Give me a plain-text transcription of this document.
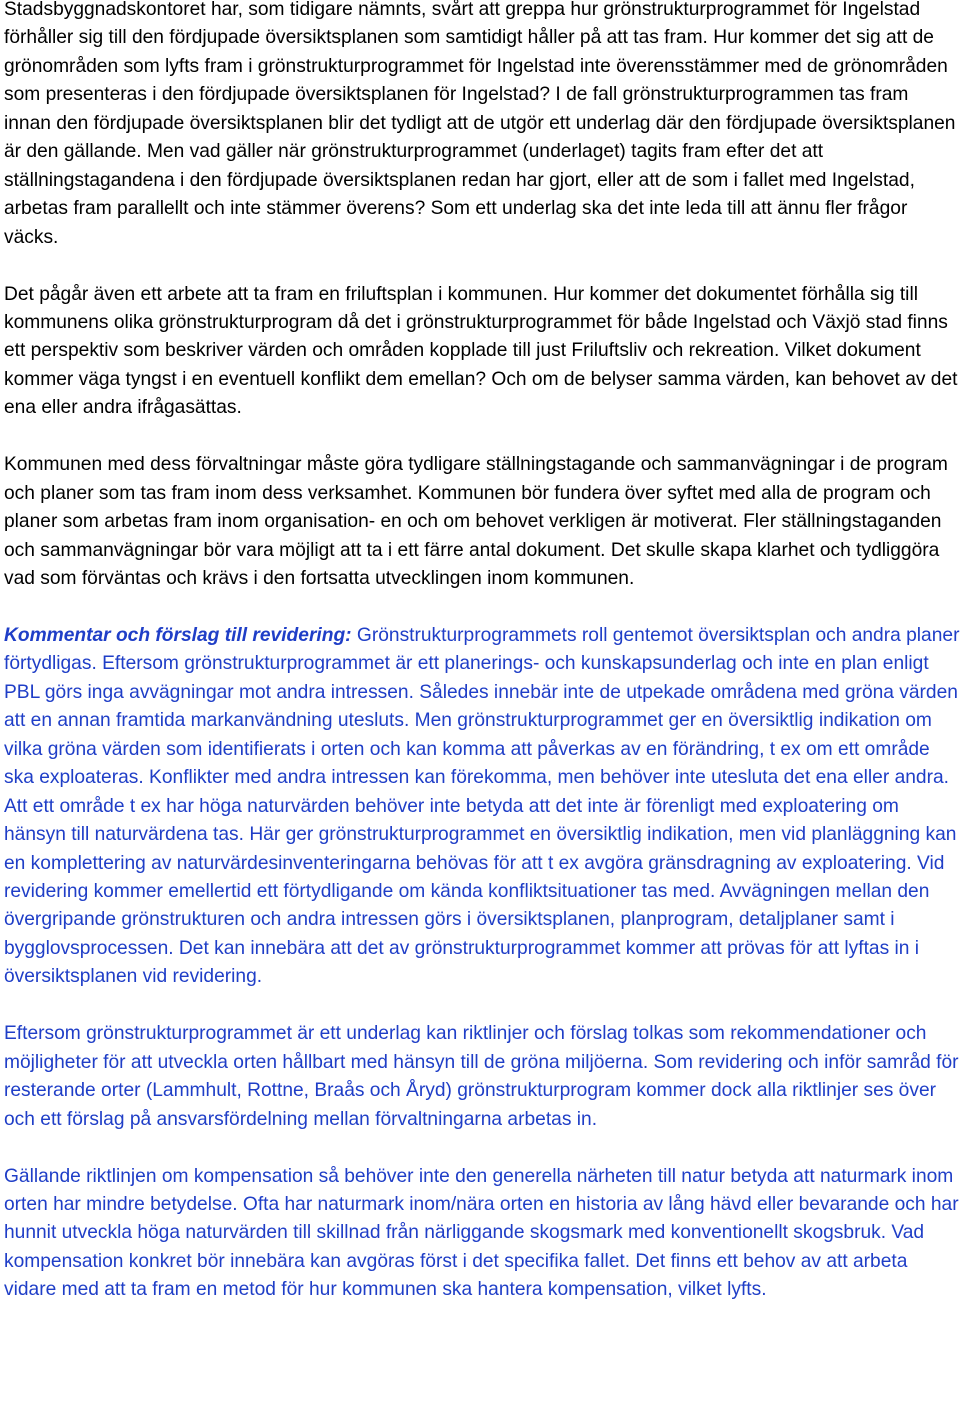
Stadsbyggnadskontoret har, som tidigare nämnts, svårt att greppa hur grönstrukturprogrammet för Ingelstad förhåller sig till den fördjupade översiktsplanen som samtidigt håller på att tas fram. Hur kommer det sig att de grönområden som lyfts fram i grönstrukturprogrammet för Ingelstad inte överensstämmer med de grönområden som presenteras i den fördjupade översiktsplanen för Ingelstad? I de fall grönstrukturprogrammen tas fram innan den fördjupade översiktsplanen blir det tydligt att de utgör ett underlag där den fördjupade översiktsplanen är den gällande. Men vad gäller när grönstrukturprogrammet (underlaget) tagits fram efter det att ställningstagandena i den fördjupade översiktsplanen redan har gjort, eller att de som i fallet med Ingelstad, arbetas fram parallellt och inte stämmer överens? Som ett underlag ska det inte leda till att ännu fler frågor väcks.

Det pågår även ett arbete att ta fram en friluftsplan i kommunen. Hur kommer det dokumentet förhålla sig till kommunens olika grönstrukturprogram då det i grönstrukturprogrammet för både Ingelstad och Växjö stad finns ett perspektiv som beskriver värden och områden kopplade till just Friluftsliv och rekreation. Vilket dokument kommer väga tyngst i en eventuell konflikt dem emellan? Och om de belyser samma värden, kan behovet av det ena eller andra ifrågasättas.

Kommunen med dess förvaltningar måste göra tydligare ställningstagande och sammanvägningar i de program och planer som tas fram inom dess verksamhet. Kommunen bör fundera över syftet med alla de program och planer som arbetas fram inom organisation- en och om behovet verkligen är motiverat. Fler ställningstaganden och sammanvägningar bör vara möjligt att ta i ett färre antal dokument. Det skulle skapa klarhet och tydliggöra vad som förväntas och krävs i den fortsatta utvecklingen inom kommunen.

Kommentar och förslag till revidering: Grönstrukturprogrammets roll gentemot översiktsplan och andra planer förtydligas. Eftersom grönstrukturprogrammet är ett planerings- och kunskapsunderlag och inte en plan enligt PBL görs inga avvägningar mot andra intressen. Således innebär inte de utpekade områdena med gröna värden att en annan framtida markanvändning utesluts. Men grönstrukturprogrammet ger en översiktlig indikation om vilka gröna värden som identifierats i orten och kan komma att påverkas av en förändring, t ex om ett område ska exploateras. Konflikter med andra intressen kan förekomma, men behöver inte utesluta det ena eller andra. Att ett område t ex har höga naturvärden behöver inte betyda att det inte är förenligt med exploatering om hänsyn till naturvärdena tas. Här ger grönstrukturprogrammet en översiktlig indikation, men vid planläggning kan en komplettering av naturvärdesinventeringarna behövas för att t ex avgöra gränsdragning av exploatering. Vid revidering kommer emellertid ett förtydligande om kända konfliktsituationer tas med. Avvägningen mellan den övergripande grönstrukturen och andra intressen görs i översiktsplanen, planprogram, detaljplaner samt i bygglovsprocessen. Det kan innebära att det av grönstrukturprogrammet kommer att prövas för att lyftas in i översiktsplanen vid revidering.

Eftersom grönstrukturprogrammet är ett underlag kan riktlinjer och förslag tolkas som rekommendationer och möjligheter för att utveckla orten hållbart med hänsyn till de gröna miljöerna. Som revidering och inför samråd för resterande orter (Lammhult, Rottne, Braås och Åryd) grönstrukturprogram kommer dock alla riktlinjer ses över och ett förslag på ansvarsfördelning mellan förvaltningarna arbetas in.

Gällande riktlinjen om kompensation så behöver inte den generella närheten till natur betyda att naturmark inom orten har mindre betydelse. Ofta har naturmark inom/nära orten en historia av lång hävd eller bevarande och har hunnit utveckla höga naturvärden till skillnad från närliggande skogsmark med konventionellt skogsbruk. Vad kompensation konkret bör innebära kan avgöras först i det specifika fallet. Det finns ett behov av att arbeta vidare med att ta fram en metod för hur kommunen ska hantera kompensation, vilket lyfts.
